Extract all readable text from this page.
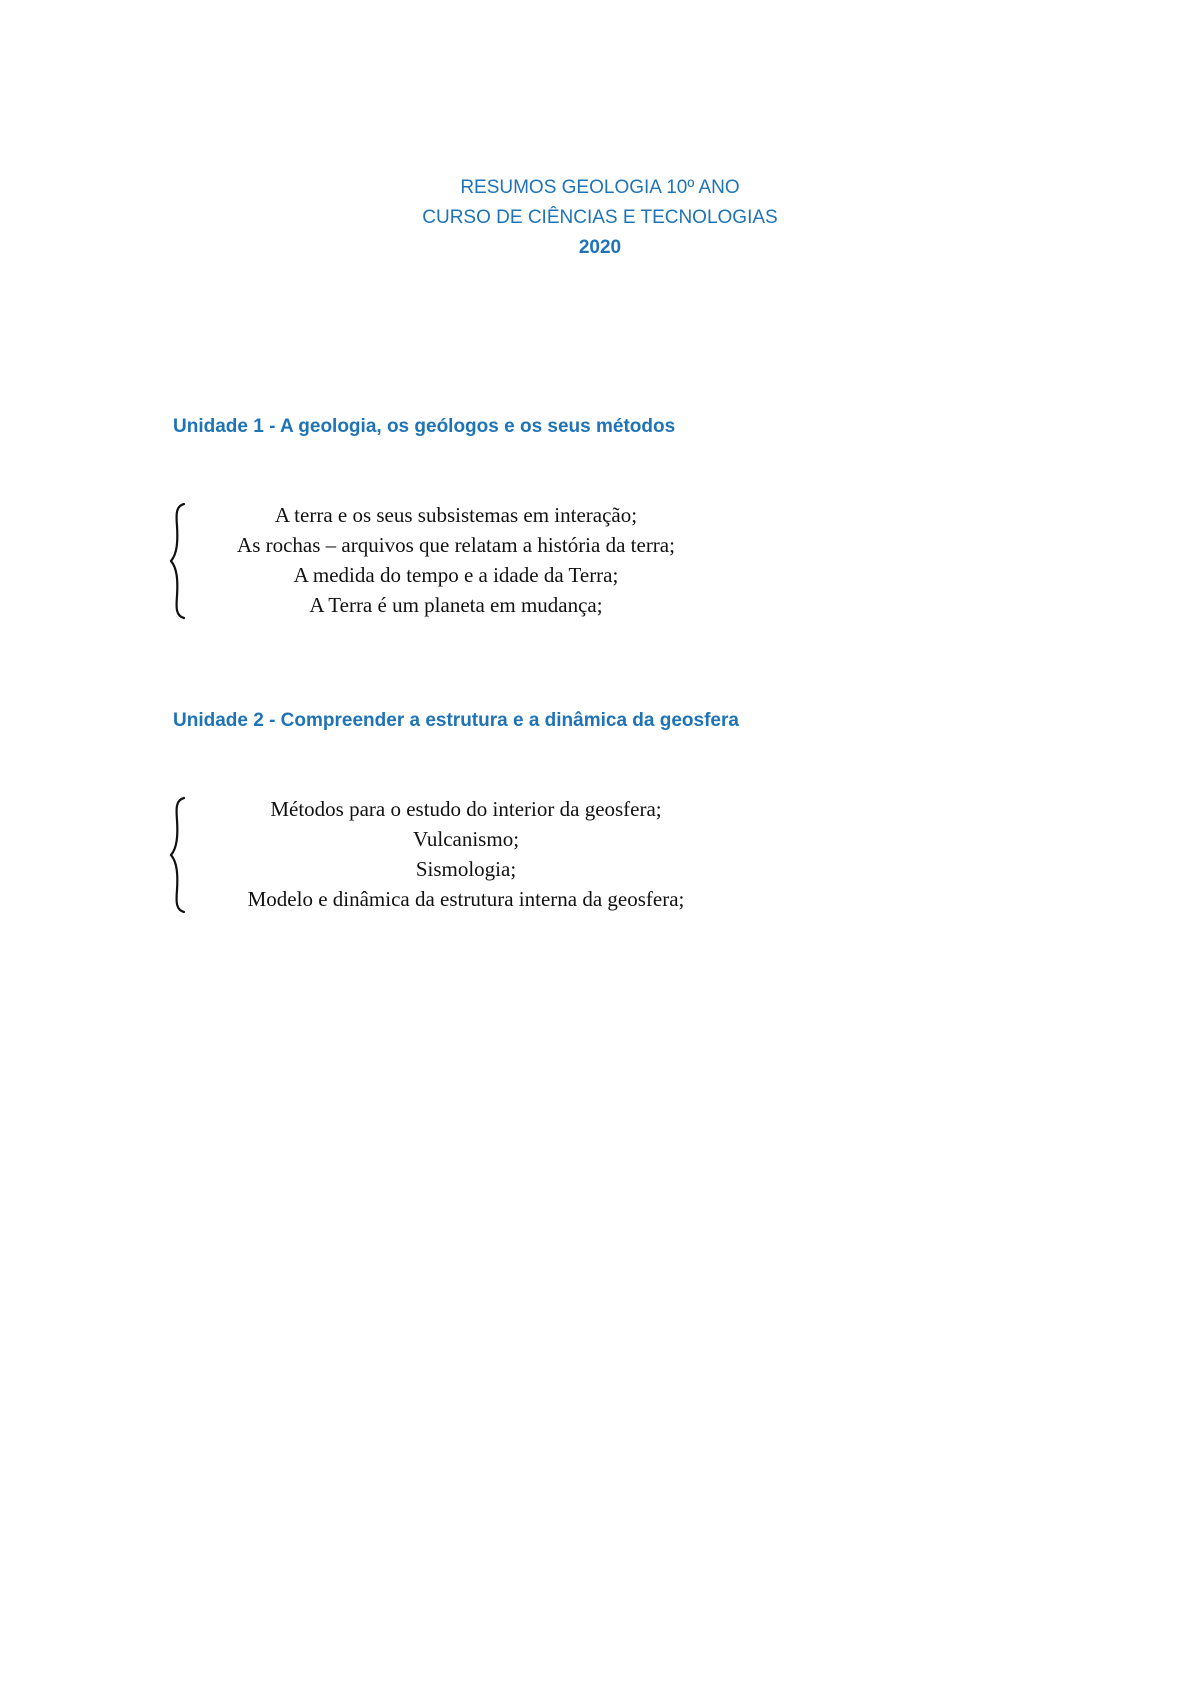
RESUMOS GEOLOGIA 10º ANO
CURSO DE CIÊNCIAS E TECNOLOGIAS
2020
Unidade 1 - A geologia, os geólogos e os seus métodos
A terra e os seus subsistemas em interação;
As rochas – arquivos que relatam a história da terra;
A medida do tempo e a idade da Terra;
A Terra é um planeta em mudança;
Unidade 2 - Compreender a estrutura e a dinâmica da geosfera
Métodos para o estudo do interior da geosfera;
Vulcanismo;
Sismologia;
Modelo e dinâmica da estrutura interna da geosfera;
